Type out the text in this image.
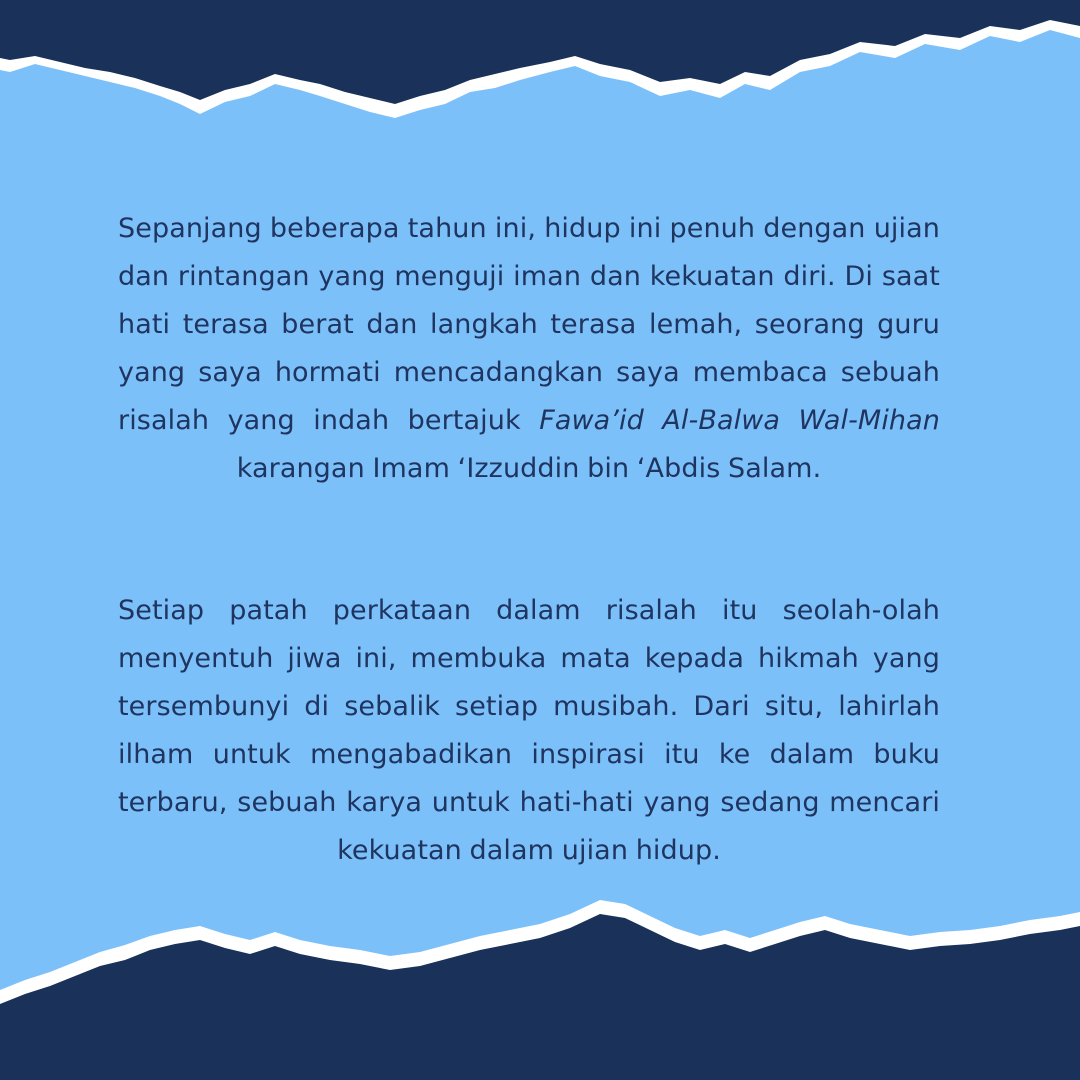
Sepanjang beberapa tahun ini, hidup ini penuh dengan ujian dan rintangan yang menguji iman dan kekuatan diri. Di saat hati terasa berat dan langkah terasa lemah, seorang guru yang saya hormati mencadangkan saya membaca sebuah risalah yang indah bertajuk Fawa’id Al-Balwa Wal-Mihan karangan Imam ‘Izzuddin bin ‘Abdis Salam.

Setiap patah perkataan dalam risalah itu seolah-olah menyentuh jiwa ini, membuka mata kepada hikmah yang tersembunyi di sebalik setiap musibah. Dari situ, lahirlah ilham untuk mengabadikan inspirasi itu ke dalam buku terbaru, sebuah karya untuk hati-hati yang sedang mencari kekuatan dalam ujian hidup.
